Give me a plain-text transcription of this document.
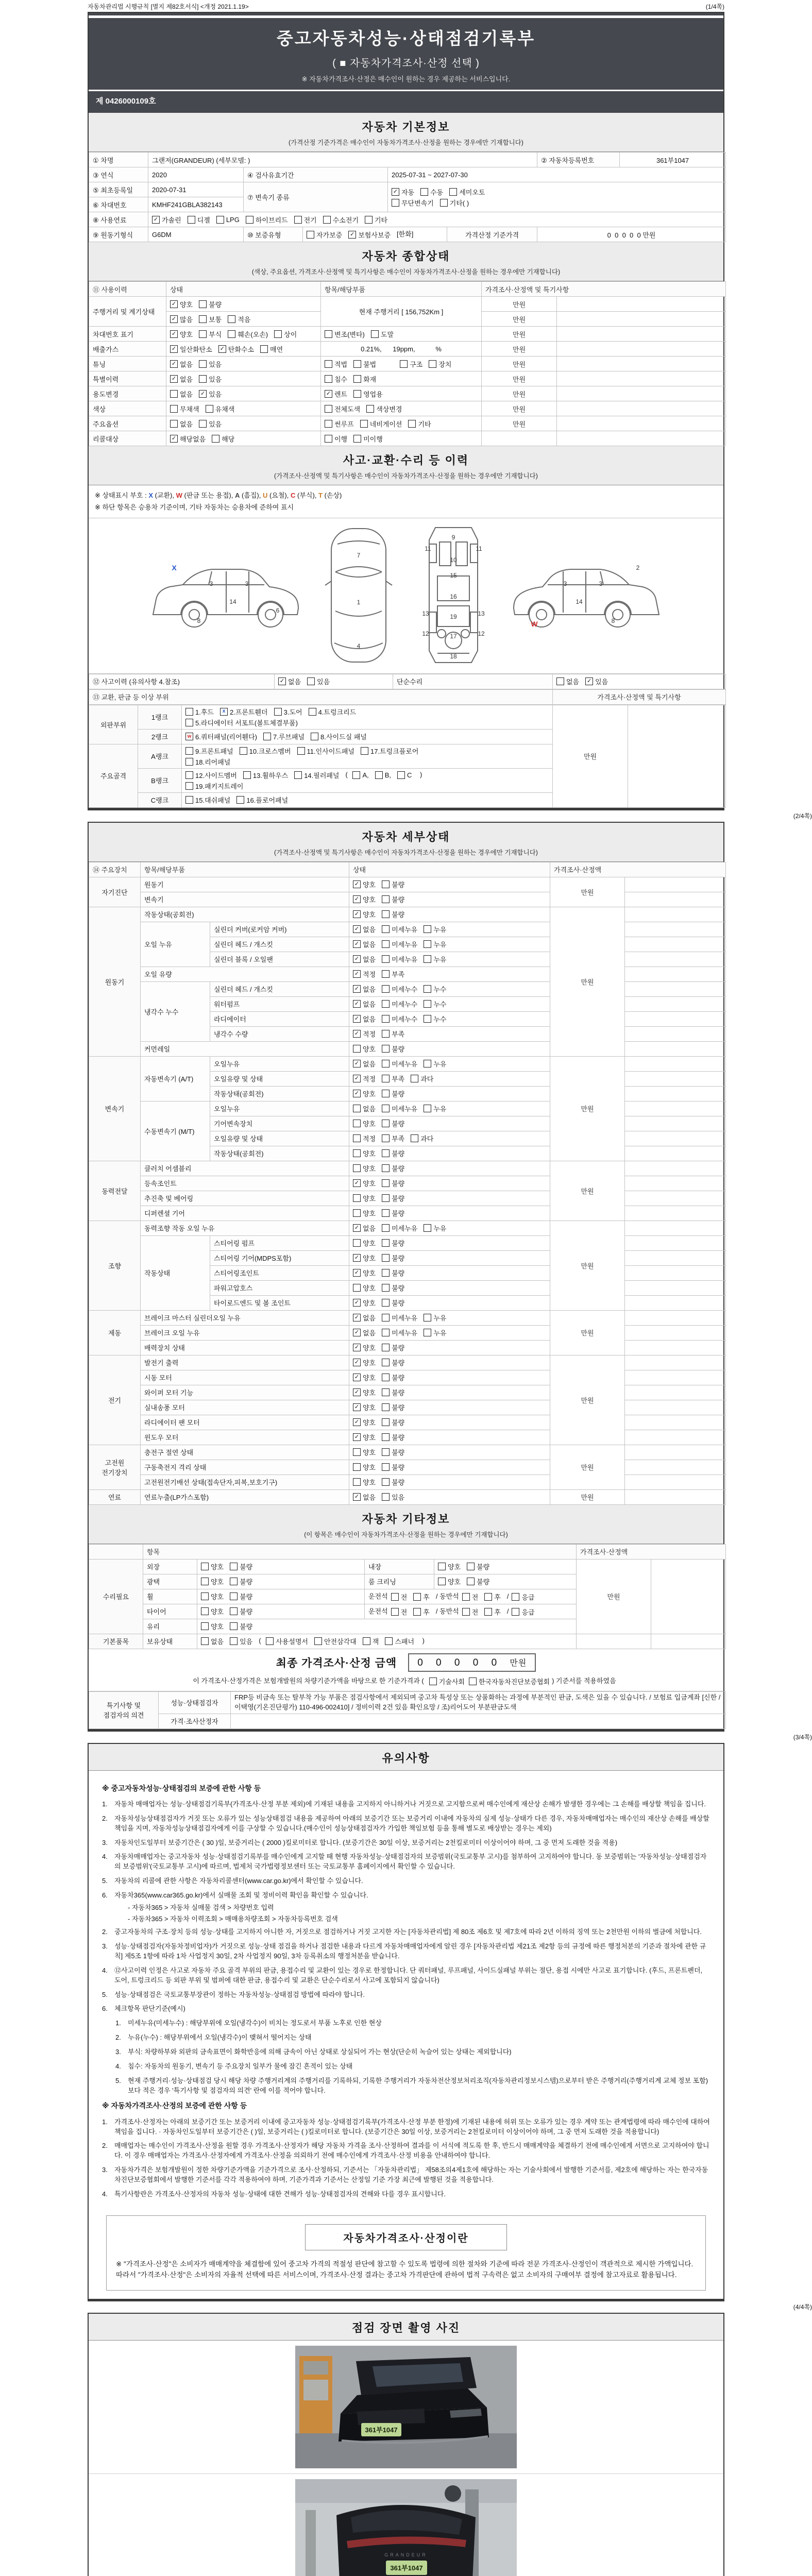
자동차관리법 시행규칙 [별지 제82호서식] <개정 2021.1.19>	(1/4쪽)
중고자동차성능·상태점검기록부
( ■ 자동차가격조사·산정 선택 )
※ 자동차가격조사·산정은 매수인이 원하는 경우 제공하는 서비스입니다.
제 0426000109호
자동차 기본정보
(가격산정 기준가격은 매수인이 자동차가격조사·산정을 원하는 경우에만 기재합니다)
① 차명	그랜저(GRANDEUR) (세부모델: )					② 자동차등록번호	361부1047
③ 연식	2020	④ 검사유효기간		2025-07-31 ~ 2027-07-30			
⑤ 최초등록일	2020-07-31	⑦ 변속기 종류	
✓ 자동 수동 세미오토

무단변속기 기타( )

⑥ 차대번호	KMHF241GBLA382143						
⑧ 사용연료	✓ 가솔린 디젤 LPG 하이브리드 전기 수소전기 기타

⑨ 원동기형식	G6DM	⑩ 보증유형	자가보증 ✓ 보험사보증 [한화]		가격산정 기준가격	0  0  0  0  0 만원	
자동차 종합상태
(색상, 주요옵션, 가격조사·산정액 및 특기사항은 매수인이 자동차가격조사·산정을 원하는 경우에만 기재합니다)
⑪ 사용이력	상태	항목/해당부품	가격조사·산정액 및 특기사항	
주행거리 및 계기상태	✓ 양호 불량	현재 주행거리 [ 156,752Km ]	만원	

✓ 많음 보통 적음		만원	
차대번호 표기	✓ 양호 부식 훼손(오손) 상이	변조(변타) 도말	만원	
배출가스	✓ 일산화탄소 ✓ 탄화수소 매연	0.21%,      19ppm,           %	만원	
튜닝	✓ 없음 있음	적법 불법 구조 장치	만원	
특별이력	✓ 없음 있음	침수 화재	만원	
용도변경	없음 ✓ 있음	✓ 렌트 영업용	만원	
색상	무채색 유채색	전체도색 색상변경	만원	
주요옵션	없음 있음	썬루프 네비게이션 기타	만원	
리콜대상	✓ 해당없음 해당	이행 미이행		

사고·교환·수리 등 이력
(가격조사·산정액 및 특기사항은 매수인이 자동차가격조사·산정을 원하는 경우에만 기재합니다)
※ 상태표시 부호 : X (교환), W (판금 또는 용접), A (흠집), U (요철), C (부식), T (손상)
※ 하단 항목은 승용차 기준이며, 기타 자동차는 승용차에 준하여 표시
X
3
14
3
8
6
7
1
4
9
11	11
10
15
16
13	19	13
12	17	12
18
2
3
14
3
8
W
⑫ 사고이력 (유의사항 4.참조)	✓ 없음 있음	단순수리	없음 ✓ 있음
⑬ 교환, 판금 등 이상 부위	가격조사·산정액 및 특기사항
외판부위	1랭크	
1.후드	x 2.프론트휀더 3.도어 4.트렁크리드

5.라디에이터 서포트(볼트체결부품)
	만원	
	2랭크	w 6.쿼터패널(리어휀다) 7.루브패널 8.사이드실 패널		

주요골격	A랭크	9.프론트패널 10.크로스멤버 11.인사이드패널 17.트렁크플로어

18.리어패널		

B랭크	
12.사이드멤버 13.휠하우스 14.필러패널 ( A, B, C )

19.패키지트레이

	C랭크	15.대쉬패널 16.플로어패널		
(2/4쪽)
자동차 세부상태
(가격조사·산정액 및 특기사항은 매수인이 자동차가격조사·산정을 원하는 경우에만 기재합니다)
⑭ 주요장치	항목/해당부품		상태	가격조사·산정액	
자기진단	원동기		✓ 양호 불량	만원	
	변속기		✓ 양호 불량		

원동기	작동상태(공회전)		✓ 양호 불량	만원	
	오일 누유	실린더 커버(로커암 커버)	✓ 없음 미세누유 누유		

		실린더 헤드 / 개스킷	✓ 없음 미세누유 누유		

		실린더 블록 / 오일팬	✓ 없음 미세누유 누유		

	오일 유량		✓ 적정 부족		

	냉각수 누수	실린더 헤드 / 개스킷	✓ 없음 미세누수 누수		

		워터펌프	✓ 없음 미세누수 누수		

		라디에이터	✓ 없음 미세누수 누수		

		냉각수 수량	✓ 적정 부족		

	커먼레일		양호 불량		

변속기	자동변속기 (A/T)	오일누유	✓ 없음 미세누유 누유	만원	
		오일유량 및 상태	✓ 적정 부족 과다		

		작동상태(공회전)	✓ 양호 불량		

	수동변속기 (M/T)	오일누유	없음 미세누유 누유		

		기어변속장치	양호 불량		

		오일유량 및 상태	적정 부족 과다		

		작동상태(공회전)	양호 불량		

동력전달	클러치 어셈블리		양호 불량	만원	
	등속조인트		✓ 양호 불량		

	추진축 및 베어링		양호 불량		

	디퍼렌셜 기어		양호 불량		

조향	동력조향 작동 오일 누유		✓ 없음 미세누유 누유	만원	
	작동상태	스티어링 펌프	양호 불량		

		스티어링 기어(MDPS포함)	✓ 양호 불량		

		스티어링조인트	✓ 양호 불량		

		파워고압호스	양호 불량		

		타이로드엔드 및 볼 조인트	✓ 양호 불량		

제동	브레이크 마스터 실린더오일 누유		✓ 없음 미세누유 누유	만원	
	브레이크 오일 누유		✓ 없음 미세누유 누유		

	배력장치 상태		✓ 양호 불량		

전기	발전기 출력		✓ 양호 불량	만원	
	시동 모터		✓ 양호 불량		

	와이퍼 모터 기능		✓ 양호 불량		

	실내송풍 모터		✓ 양호 불량		

	라디에이터 팬 모터		✓ 양호 불량		

	윈도우 모터		✓ 양호 불량		

고전원 전기장치	충전구 절연 상태		양호 불량	만원	
	구동축전지 격리 상태		양호 불량		

	고전원전기배선 상태(접속단자,피복,보호기구)		양호 불량		

연료	연료누출(LP가스포함)		✓ 없음 있음	만원	
자동차 기타정보
(이 항목은 매수인이 자동차가격조사·산정을 원하는 경우에만 기재합니다)
	항목				가격조사·산정액	
수리필요	외장	양호 불량	내장	양호 불량	만원	
	광택	양호 불량	룸 크리닝	양호 불량		

휠	양호 불량	운전석 전 후 / 동반석 전 후 / 응급

타이어	양호 불량	운전석 전 후 / 동반석 전 후 / 응급

	유리	양호 불량				

기본품목	보유상태	없음 있음 ( 사용설명서 안전삼각대 잭 스패너 )		
최종 가격조사·산정 금액	0 0 0 0 0 만원
이 가격조사·산정가격은 보험개발원의 차량기준가액을 바탕으로 한 기준가격과 ( 기술사회 한국자동차진단보증협회 ) 기준서를 적용하였음
특기사항 및 점검자의 의견	성능·상태점검자	FRP등 비금속 또는 탈부착 가능 부품은 점검사항에서 제외되며 중고차 특성상 또는 상품화하는 과정에 부분적인 판금, 도색은 있을 수 있습니다. / 보험료 입금계좌 [신한 / 이택영(기온진단평가) 110-496-002410] / 정비이력 2건 있음 확인요망 / 조)리어도어 부분판금도색
	가격·조사산정자	
(3/4쪽)
유의사항
※ 중고자동차성능·상태점검의 보증에 관한 사항 등
1.	자동차 매매업자는 성능·상태점검기록부(가격조사·산정 부분 제외)에 기재된 내용을 고지하지 아니하거나 거짓으로 고지함으로써 매수인에게 재산상 손해가 발생한 경우에는 그 손해를 배상할 책임을 집니다.
2.	자동차성능상태점검자가 거짓 또는 오류가 있는 성능상태점검 내용을 제공하여 아래의 보증기간 또는 보증거리 이내에 자동차의 실제 성능·상태가 다른 경우, 자동차매매업자는 매수인의 재산상 손해를 배상할 책임을 지며, 자동차성능상태점검자에게 이를 구상할 수 있습니다.(매수인이 성능상태점검자가 가입한 책임보험 등을 통해 별도로 배상받는 경우는 제외)
3.	자동차인도일부터 보증기간은 ( 30 )일, 보증거리는 ( 2000 )킬로미터로 합니다. (보증기간은 30일 이상, 보증거리는 2천킬로미터 이상이어야 하며, 그 중 먼저 도래한 것을 적용)
4.	자동차매매업자는 중고자동차 성능·상태점검기록부를 매수인에게 고지할 때 현행 자동차성능·상태점검자의 보증범위(국토교통부 고시)를 첨부하여 고지하여야 합니다. 동 보증범위는 '자동차성능·상태점검자의 보증범위'(국토교통부 고시)에 따르며, 법제처 국가법령정보센터 또는 국토교통부 홈페이지에서 확인할 수 있습니다.
5.	자동차의 리콜에 관한 사항은 자동차리콜센터(www.car.go.kr)에서 확인할 수 있습니다.
6.	자동차365(www.car365.go.kr)에서 실매물 조회 및 정비이력 확인을 확인할 수 있습니다.
- 자동차365 > 자동차 실매물 검색 > 차량번호 입력
- 자동차365 > 자동차 이력조회 > 매매용차량조회 > 자동차등록번호 검색
2.	중고자동차의 구조·장치 등의 성능·상태를 고지하지 아니한 자, 거짓으로 점검하거나 거짓 고지한 자는 [자동차관리법] 제 80조 제6호 및 제7호에 따라 2년 이하의 징역 또는 2천만원 이하의 벌금에 처합니다.
3.	성능·상태점검자(자동차정비업자)가 거짓으로 성능·상태 점검을 하거나 점검한 내용과 다르게 자동차매매업자에게 알린 경우 [자동차관리법 제21조 제2항 등의 규정에 따른 행정처분의 기준과 절차에 관한 규칙] 제5조 1항에 따라 1차 사업정지 30일, 2차 사업정지 90일, 3차 등록취소의 행정처분을 받습니다.
4.	⑫사고이력 인정은 사고로 자동차 주요 골격 부위의 판금, 용접수리 및 교환이 있는 경우로 한정합니다. 단 쿼터패널, 루프패널, 사이드실패널 부위는 절단, 용접 시에만 사고로 표기합니다. (후드, 프론트펜더, 도어, 트렁크리드 등 외판 부위 및 범퍼에 대한 판금, 용접수리 및 교환은 단순수리로서 사고에 포함되지 않습니다)
5.	성능·상태점검은 국토교통부장관이 정하는 자동차성능·상태점검 방법에 따라야 합니다.
6.	체크항목 판단기준(예시)
1.	미세누유(미세누수) : 해당부위에 오일(냉각수)이 비치는 정도로서 부품 노후로 인한 현상
2.	누유(누수) : 해당부위에서 오일(냉각수)이 맺혀서 떨어지는 상태
3.	부식: 차량하부와 외판의 금속표면이 화학반응에 의해 금속이 아닌 상태로 상실되어 가는 현상(단순히 녹슬어 있는 상태는 제외합니다)
4.	침수: 자동차의 원동기, 변속기 등 주요장치 일부가 물에 잠긴 흔적이 있는 상태
5.	현재 주행거리·성능·상태점검 당시 해당 차량 주행거리계의 주행거리를 기록하되, 기록한 주행거리가 자동차전산정보처리조직(자동차관리정보시스템)으로부터 받은 주행거리(주행거리계 교체 정보 포함)보다 적은 경우 '특기사항 및 점검자의 의견' 란에 이를 적어야 합니다.
※ 자동차가격조사·산정의 보증에 관한 사항 등
1.	가격조사·산정자는 아래의 보증기간 또는 보증거리 이내에 중고자동차 성능·상태점검기록부(가격조사·산정 부분 한정)에 기재된 내용에 허위 또는 오류가 있는 경우 계약 또는 관계법령에 따라 매수인에 대하여 책임을 집니다. · 자동차인도일부터 보증기간은 ( )일, 보증거리는 ( )킬로미터로 합니다. (보증기간은 30일 이상, 보증거리는 2천킬로미터 이상이어야 하며, 그 중 먼저 도래한 것을 적용합니다)
2.	매매업자는 매수인이 가격조사·산정을 원할 경우 가격조사·산정자가 해당 자동차 가격을 조사·산정하여 결과를 이 서식에 적도록 한 후, 반드시 매매계약을 체결하기 전에 매수인에게 서면으로 고지하여야 합니다. 이 경우 매매업자는 가격조사·산정자에게 가격조사·산정을 의뢰하기 전에 매수인에게 가격조사·산정 비용을 안내하여야 합니다.
3.	자동차가격은 보험개발원이 정한 차량기준가액을 기준가격으로 조사·산정하되, 기준서는 「자동차관리법」 제58조의4제1호에 해당하는 자는 기술사회에서 발행한 기준서를, 제2호에 해당하는 자는 한국자동차진단보증협회에서 발행한 기준서를 각각 적용하여야 하며, 기준가격과 기준서는 산정일 기준 가장 최근에 발행된 것을 적용합니다.
4.	특기사항란은 가격조사·산정자의 자동차 성능·상태에 대한 견해가 성능·상태점검자의 견해와 다를 경우 표시합니다.
자동차가격조사·산정이란
※ "가격조사·산정"은 소비자가 매매계약을 체결함에 있어 중고차 가격의 적절성 판단에 참고할 수 있도록 법령에 의한 절차와 기준에 따라 전문 가격조사·산정인이 객관적으로 제시한 가액입니다. 따라서 "가격조사·산정"은 소비자의 자율적 선택에 따른 서비스이며, 가격조사·산정 결과는 중고차 가격판단에 관하여 법적 구속력은 없고 소비자의 구매여부 결정에 참고자료로 활용됩니다.
(4/4쪽)
점검 장면 촬영 사진
361부1047
GRANDEUR
361부1047
